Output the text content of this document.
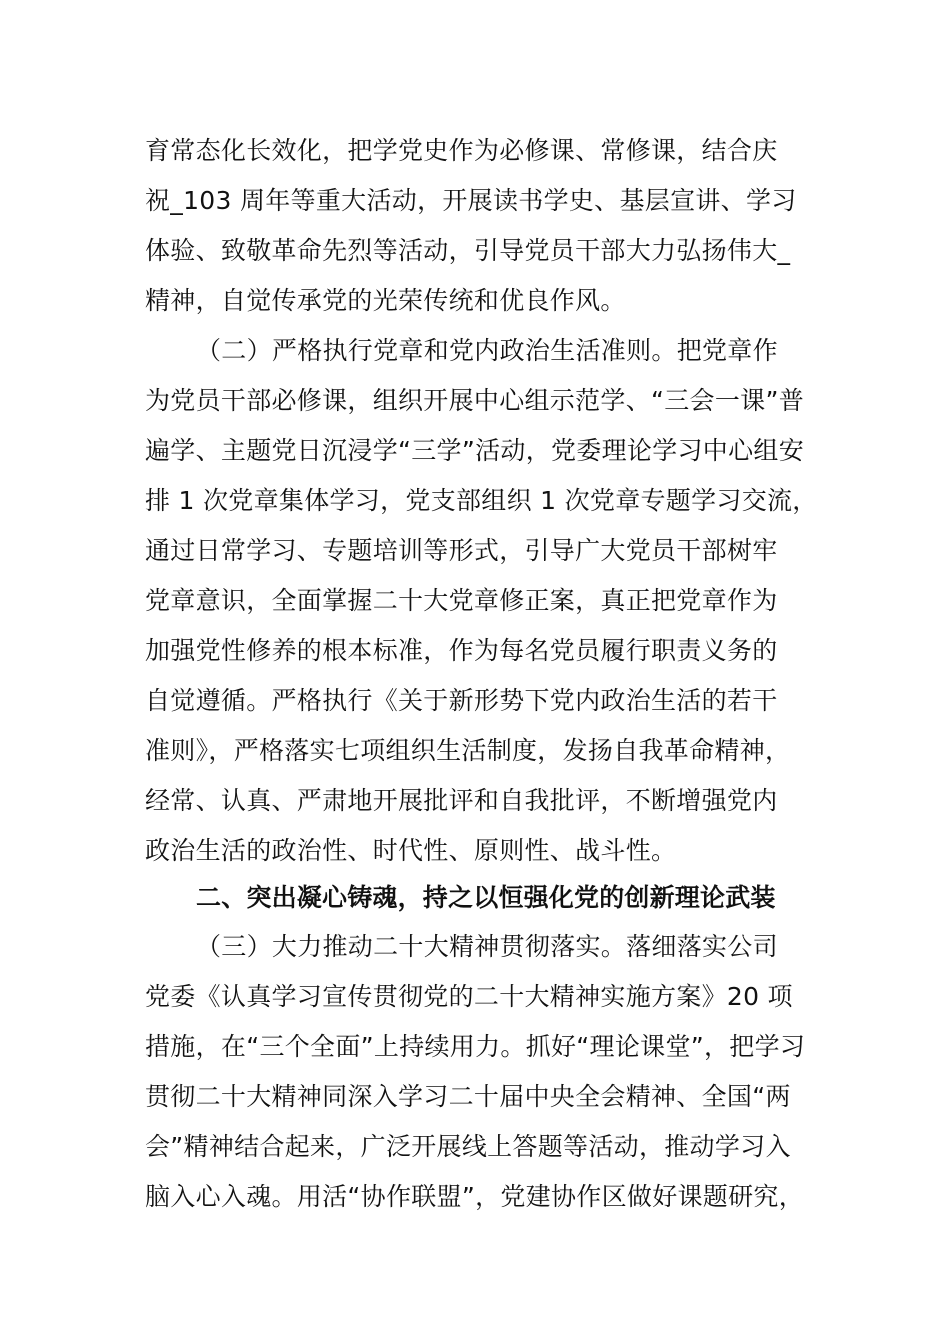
育常态化长效化，把学党史作为必修课、常修课，结合庆
祝_103 周年等重大活动，开展读书学史、基层宣讲、学习
体验、致敬革命先烈等活动，引导党员干部大力弘扬伟大_
精神，自觉传承党的光荣传统和优良作风。
（二）严格执行党章和党内政治生活准则。把党章作
为党员干部必修课，组织开展中心组示范学、“三会一课”普
遍学、主题党日沉浸学“三学”活动，党委理论学习中心组安
排 1 次党章集体学习，党支部组织 1 次党章专题学习交流，
通过日常学习、专题培训等形式，引导广大党员干部树牢
党章意识，全面掌握二十大党章修正案，真正把党章作为
加强党性修养的根本标准，作为每名党员履行职责义务的
自觉遵循。严格执行《关于新形势下党内政治生活的若干
准则》，严格落实七项组织生活制度，发扬自我革命精神，
经常、认真、严肃地开展批评和自我批评，不断增强党内
政治生活的政治性、时代性、原则性、战斗性。
二、突出凝心铸魂，持之以恒强化党的创新理论武装
（三）大力推动二十大精神贯彻落实。落细落实公司
党委《认真学习宣传贯彻党的二十大精神实施方案》20 项
措施，在“三个全面”上持续用力。抓好“理论课堂”，把学习
贯彻二十大精神同深入学习二十届中央全会精神、全国“两
会”精神结合起来，广泛开展线上答题等活动，推动学习入
脑入心入魂。用活“协作联盟”，党建协作区做好课题研究，
